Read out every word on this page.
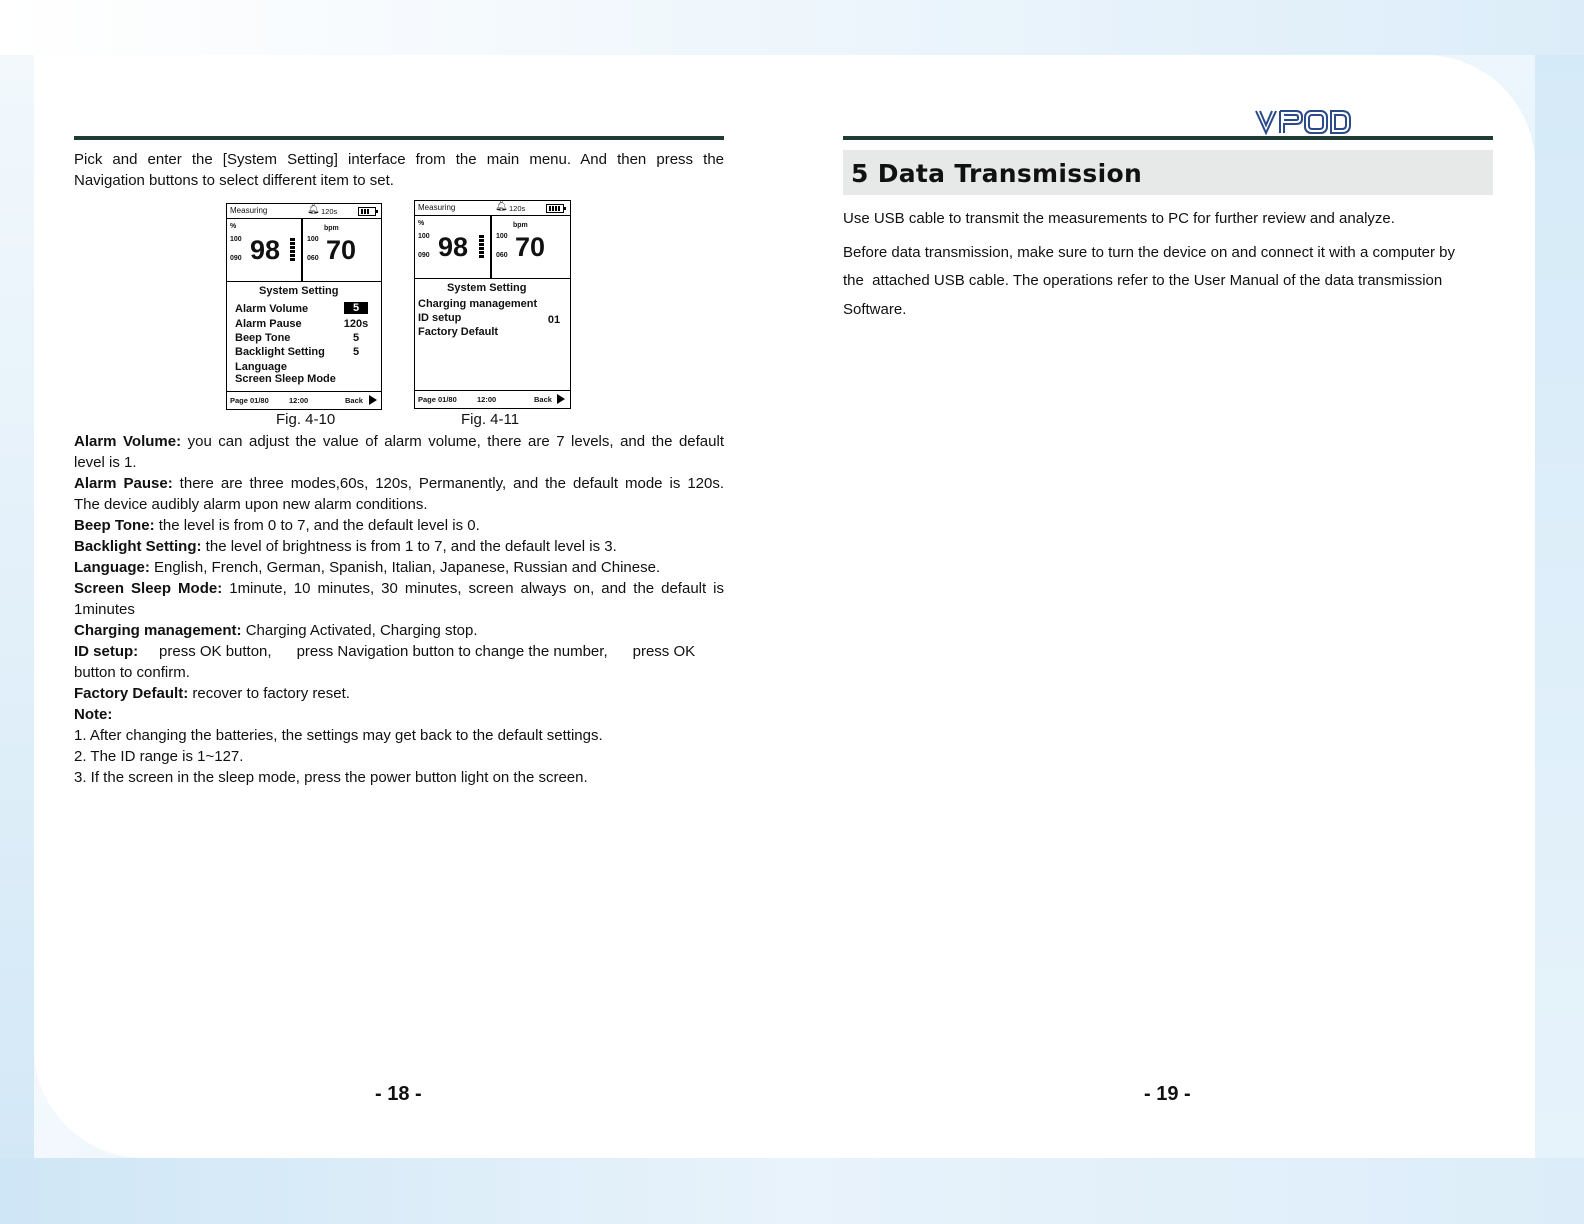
Pick and enter the [System Setting] interface from the main menu. And then press the

Navigation buttons to select different item to set.

Measuring	🔔︎ 120s
%
100
090 98
bpm
100
060 70
System Setting
Alarm Volume	5
Alarm Pause	120s
Beep Tone	5
Backlight Setting	5
Language
Screen Sleep Mode
Page 01/80	12:00	Back
Fig. 4-10
Measuring	🔔︎ 120s
%
100
090 98
bpm
100
060 70
System Setting
Charging management
ID setup	01
Factory Default
Page 01/80	12:00	Back
Fig. 4-11

Alarm Volume: you can adjust the value of alarm volume, there are 7 levels, and the default

level is 1.

Alarm Pause: there are three modes,60s, 120s, Permanently, and the default mode is 120s.

The device audibly alarm upon new alarm conditions.

Beep Tone: the level is from 0 to 7, and the default level is 0.

Backlight Setting: the level of brightness is from 1 to 7, and the default level is 3.

Language: English, French, German, Spanish, Italian, Japanese, Russian and Chinese.

Screen Sleep Mode: 1minute, 10 minutes, 30 minutes, screen always on, and the default is

1minutes

Charging management: Charging Activated, Charging stop.

ID setup:     press OK button,      press Navigation button to change the number,      press OK

button to confirm.

Factory Default: recover to factory reset.

Note:

1. After changing the batteries, the settings may get back to the default settings.

2. The ID range is 1~127.

3. If the screen in the sleep mode, press the power button light on the screen.

- 18 -
VPOD
5 Data Transmission

Use USB cable to transmit the measurements to PC for further review and analyze.

Before data transmission, make sure to turn the device on and connect it with a computer by

the  attached USB cable. The operations refer to the User Manual of the data transmission

Software.

- 19 -
